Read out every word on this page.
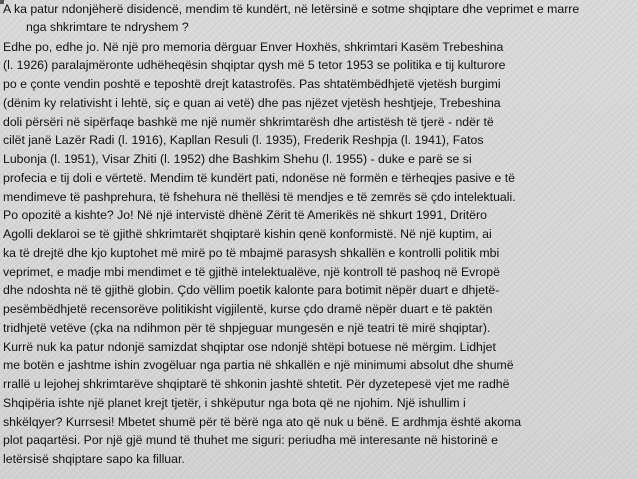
A ka patur ndonjëherë disidencë, mendim të kundërt, në letërsinë e sotme shqiptare dhe veprimet e marre

nga shkrimtare te ndryshem ?

Edhe po, edhe jo. Në një pro memoria dërguar Enver Hoxhës, shkrimtari Kasëm Trebeshina

(l. 1926) paralajmëronte udhëheqësin shqiptar qysh më 5 tetor 1953 se politika e tij kulturore

po e çonte vendin poshtë e teposhtë drejt katastrofës. Pas shtatëmbëdhjetë vjetësh burgimi

(dënim ky relativisht i lehtë, siç e quan ai vetë) dhe pas njëzet vjetësh heshtjeje, Trebeshina

doli përsëri në sipërfaqe bashkë me një numër shkrimtarësh dhe artistësh të tjerë - ndër të

cilët janë Lazër Radi (l. 1916), Kapllan Resuli (l. 1935), Frederik Reshpja (l. 1941), Fatos

Lubonja (l. 1951), Visar Zhiti (l. 1952) dhe Bashkim Shehu (l. 1955) - duke e parë se si

profecia e tij doli e vërtetë. Mendim të kundërt pati, ndonëse në formën e tërheqjes pasive e të

mendimeve të pashprehura, të fshehura në thellësi të mendjes e të zemrës së çdo intelektuali.

Po opozitë a kishte? Jo! Në një intervistë dhënë Zërit të Amerikës në shkurt 1991, Dritëro

Agolli deklaroi se të gjithë shkrimtarët shqiptarë kishin qenë konformistë. Në një kuptim, ai

ka të drejtë dhe kjo kuptohet më mirë po të mbajmë parasysh shkallën e kontrolli politik mbi

veprimet, e madje mbi mendimet e të gjithë intelektualëve, një kontroll të pashoq në Evropë

dhe ndoshta në të gjithë globin. Çdo vëllim poetik kalonte para botimit nëpër duart e dhjetë-

pesëmbëdhjetë recensorëve politikisht vigjilentë, kurse çdo dramë nëpër duart e të paktën

tridhjetë vetëve (çka na ndihmon për të shpjeguar mungesën e një teatri të mirë shqiptar).

Kurrë nuk ka patur ndonjë samizdat shqiptar ose ndonjë shtëpi botuese në mërgim. Lidhjet

me botën e jashtme ishin zvogëluar nga partia në shkallën e një minimumi absolut dhe shumë

rrallë u lejohej shkrimtarëve shqiptarë të shkonin jashtë shtetit. Për dyzetepesë vjet me radhë

Shqipëria ishte një planet krejt tjetër, i shkëputur nga bota që ne njohim. Një ishullim i

shkëlqyer? Kurrsesi! Mbetet shumë për të bërë nga ato që nuk u bënë. E ardhmja është akoma

plot paqartësi. Por një gjë mund të thuhet me siguri: periudha më interesante në historinë e

letërsisë shqiptare sapo ka filluar.
